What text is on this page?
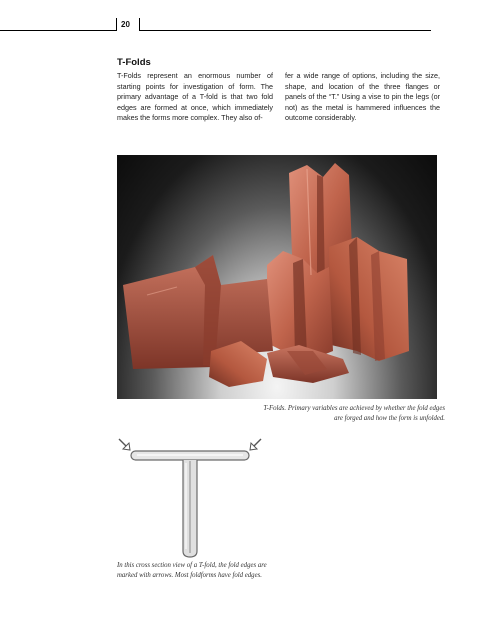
20
T-Folds
T-Folds represent an enormous number of starting points for investigation of form. The primary advantage of a T-fold is that two fold edges are formed at once, which immediately makes the forms more complex. They also of-
fer a wide range of options, including the size, shape, and location of the three flanges or panels of the “T.” Using a vise to pin the legs (or not) as the metal is hammered influences the outcome considerably.
T-Folds. Primary variables are achieved by whether the fold edges are forged and how the form is unfolded.
In this cross section view of a T-fold, the fold edges are marked with arrows. Most foldforms have fold edges.
